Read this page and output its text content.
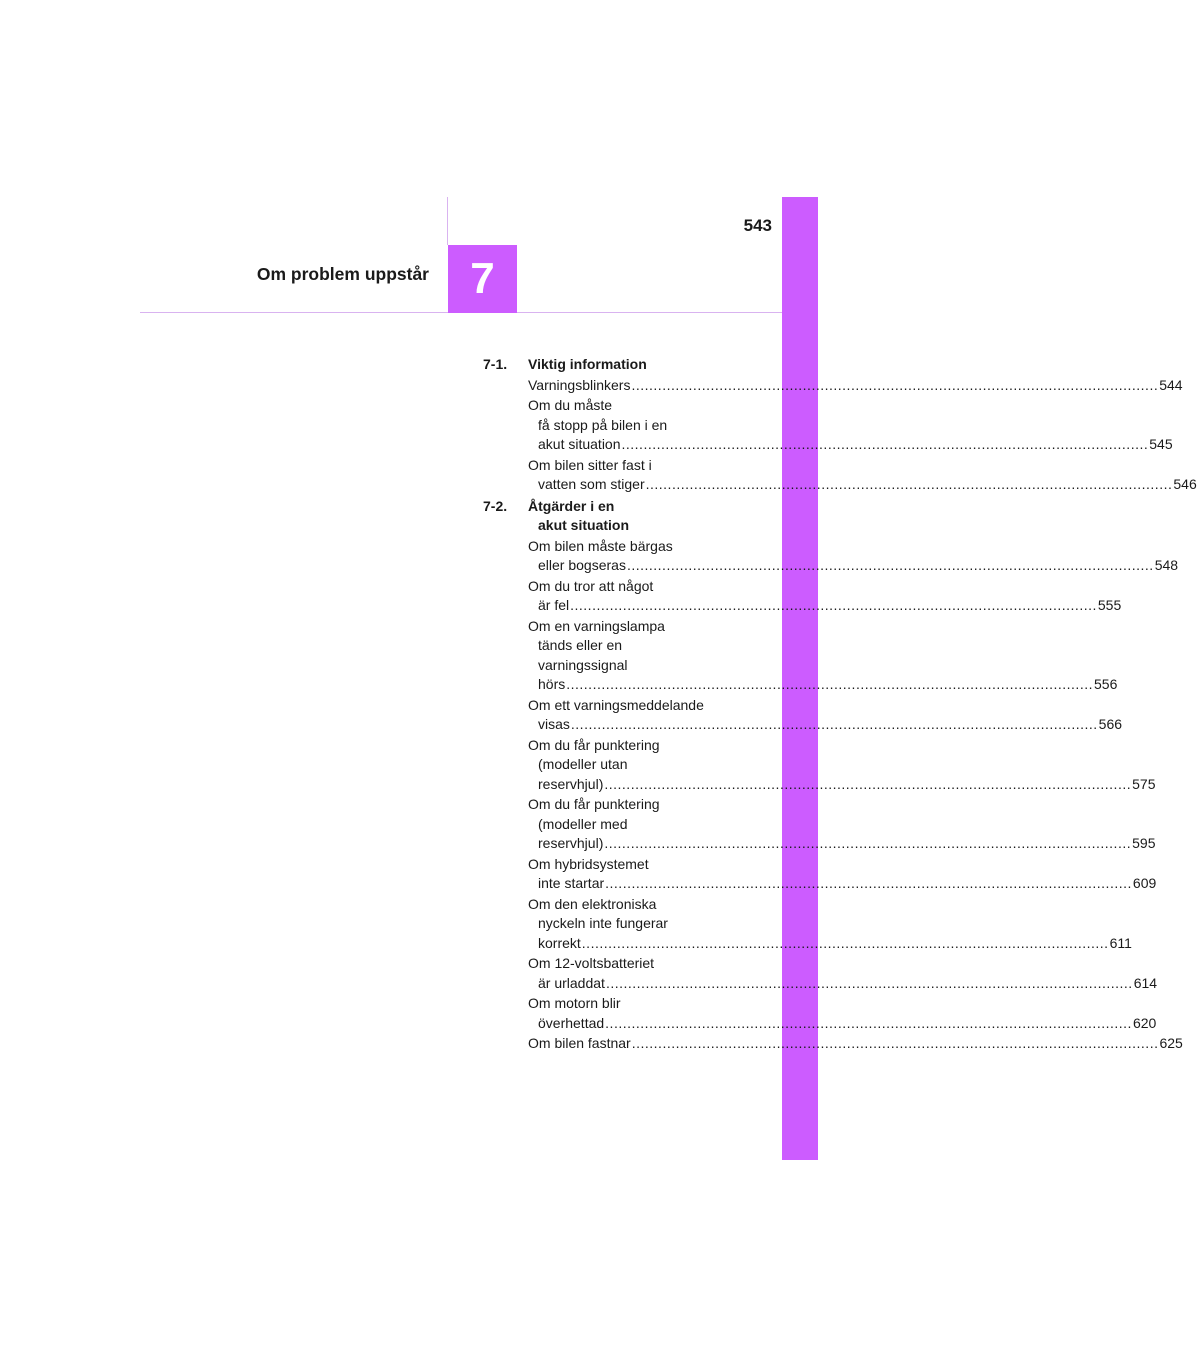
543
Om problem uppstår 7
7-1.	Viktig information
Varningsblinkers ........................................................................................................................ 544
Om du måste
få stopp på bilen i en
akut situation ........................................................................................................................ 545
Om bilen sitter fast i
vatten som stiger ........................................................................................................................ 546
7-2.	Åtgärder i en
akut situation
Om bilen måste bärgas
eller bogseras ........................................................................................................................ 548
Om du tror att något
är fel ........................................................................................................................ 555
Om en varningslampa
tänds eller en
varningssignal
hörs ........................................................................................................................ 556
Om ett varningsmeddelande
visas ........................................................................................................................ 566
Om du får punktering
(modeller utan
reservhjul) ........................................................................................................................ 575
Om du får punktering
(modeller med
reservhjul) ........................................................................................................................ 595
Om hybridsystemet
inte startar ........................................................................................................................ 609
Om den elektroniska
nyckeln inte fungerar
korrekt ........................................................................................................................ 611
Om 12-voltsbatteriet
är urladdat ........................................................................................................................ 614
Om motorn blir
överhettad ........................................................................................................................ 620
Om bilen fastnar ........................................................................................................................ 625
